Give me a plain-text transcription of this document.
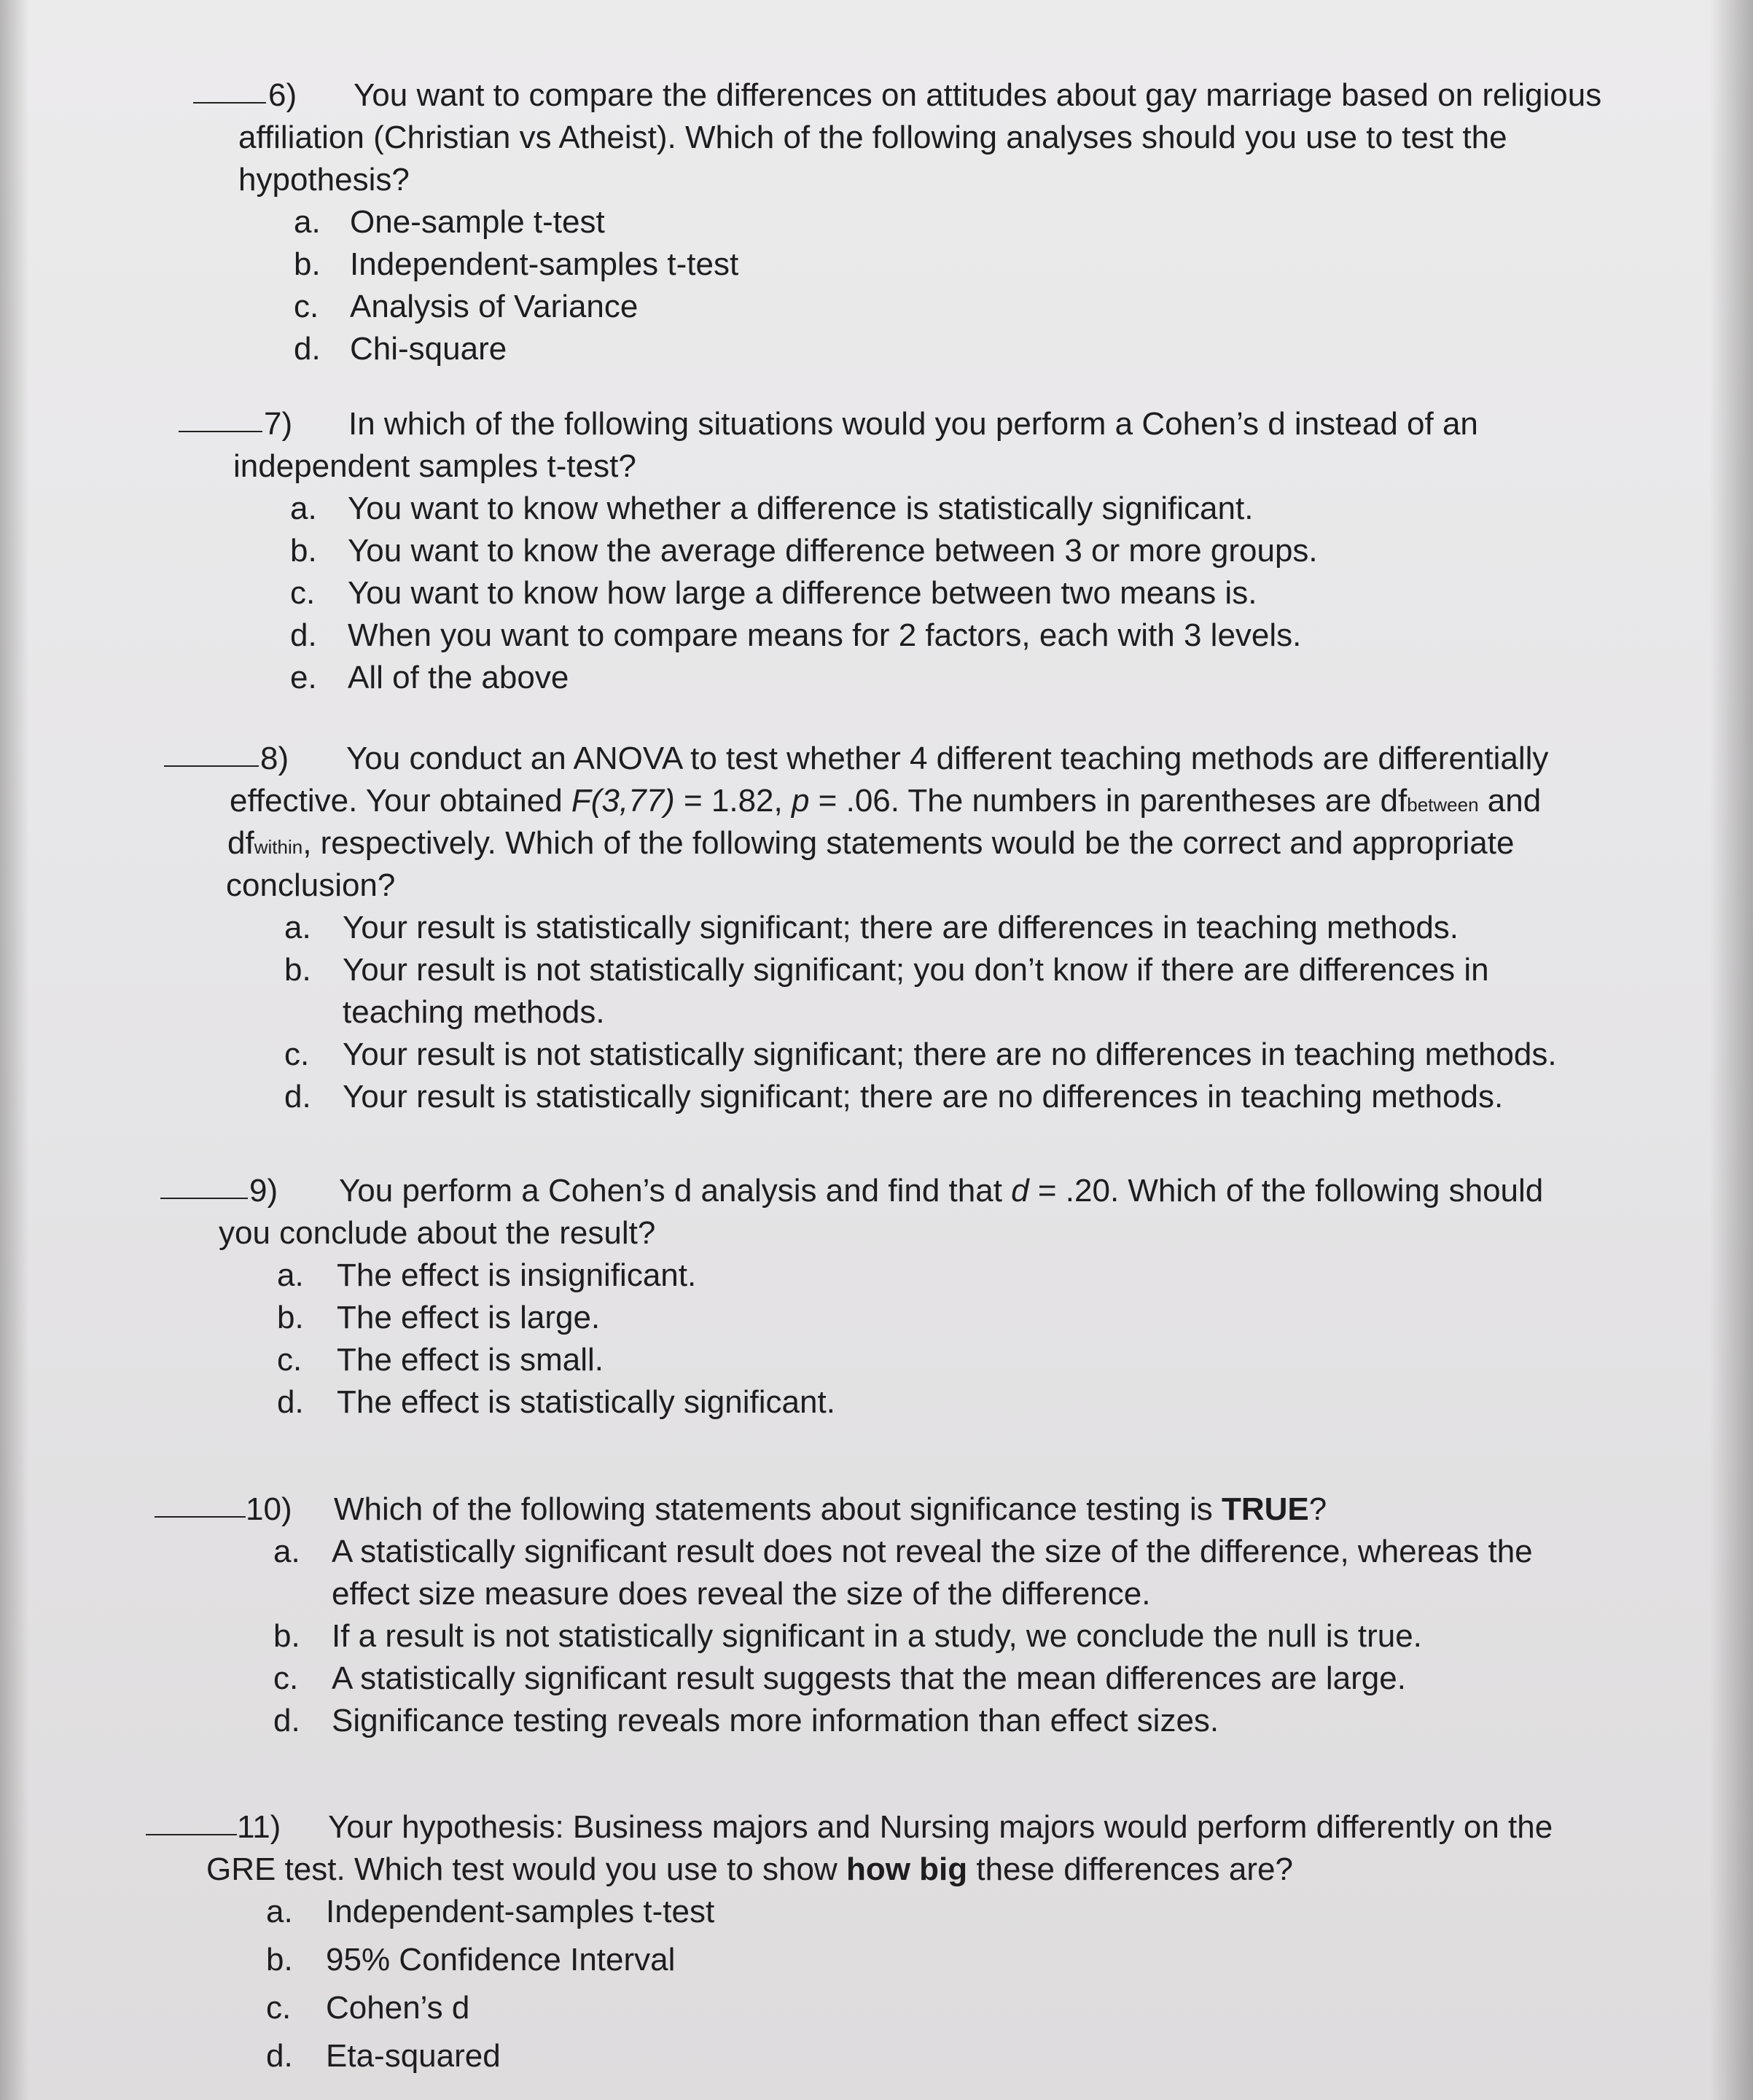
6) You want to compare the differences on attitudes about gay marriage based on religious
affiliation (Christian vs Atheist). Which of the following analyses should you use to test the
hypothesis?
a. One-sample t-test
b. Independent-samples t-test
c. Analysis of Variance
d. Chi-square
7) In which of the following situations would you perform a Cohen’s d instead of an
independent samples t-test?
a. You want to know whether a difference is statistically significant.
b. You want to know the average difference between 3 or more groups.
c. You want to know how large a difference between two means is.
d. When you want to compare means for 2 factors, each with 3 levels.
e. All of the above
8) You conduct an ANOVA to test whether 4 different teaching methods are differentially
effective. Your obtained F(3,77) = 1.82, p = .06. The numbers in parentheses are dfbetween and
dfwithin, respectively. Which of the following statements would be the correct and appropriate
conclusion?
a. Your result is statistically significant; there are differences in teaching methods.
b. Your result is not statistically significant; you don’t know if there are differences in
teaching methods.
c. Your result is not statistically significant; there are no differences in teaching methods.
d. Your result is statistically significant; there are no differences in teaching methods.
9) You perform a Cohen’s d analysis and find that d = .20. Which of the following should
you conclude about the result?
a. The effect is insignificant.
b. The effect is large.
c. The effect is small.
d. The effect is statistically significant.
10) Which of the following statements about significance testing is TRUE?
a. A statistically significant result does not reveal the size of the difference, whereas the
effect size measure does reveal the size of the difference.
b. If a result is not statistically significant in a study, we conclude the null is true.
c. A statistically significant result suggests that the mean differences are large.
d. Significance testing reveals more information than effect sizes.
11) Your hypothesis: Business majors and Nursing majors would perform differently on the
GRE test. Which test would you use to show how big these differences are?
a. Independent-samples t-test
b. 95% Confidence Interval
c. Cohen’s d
d. Eta-squared
